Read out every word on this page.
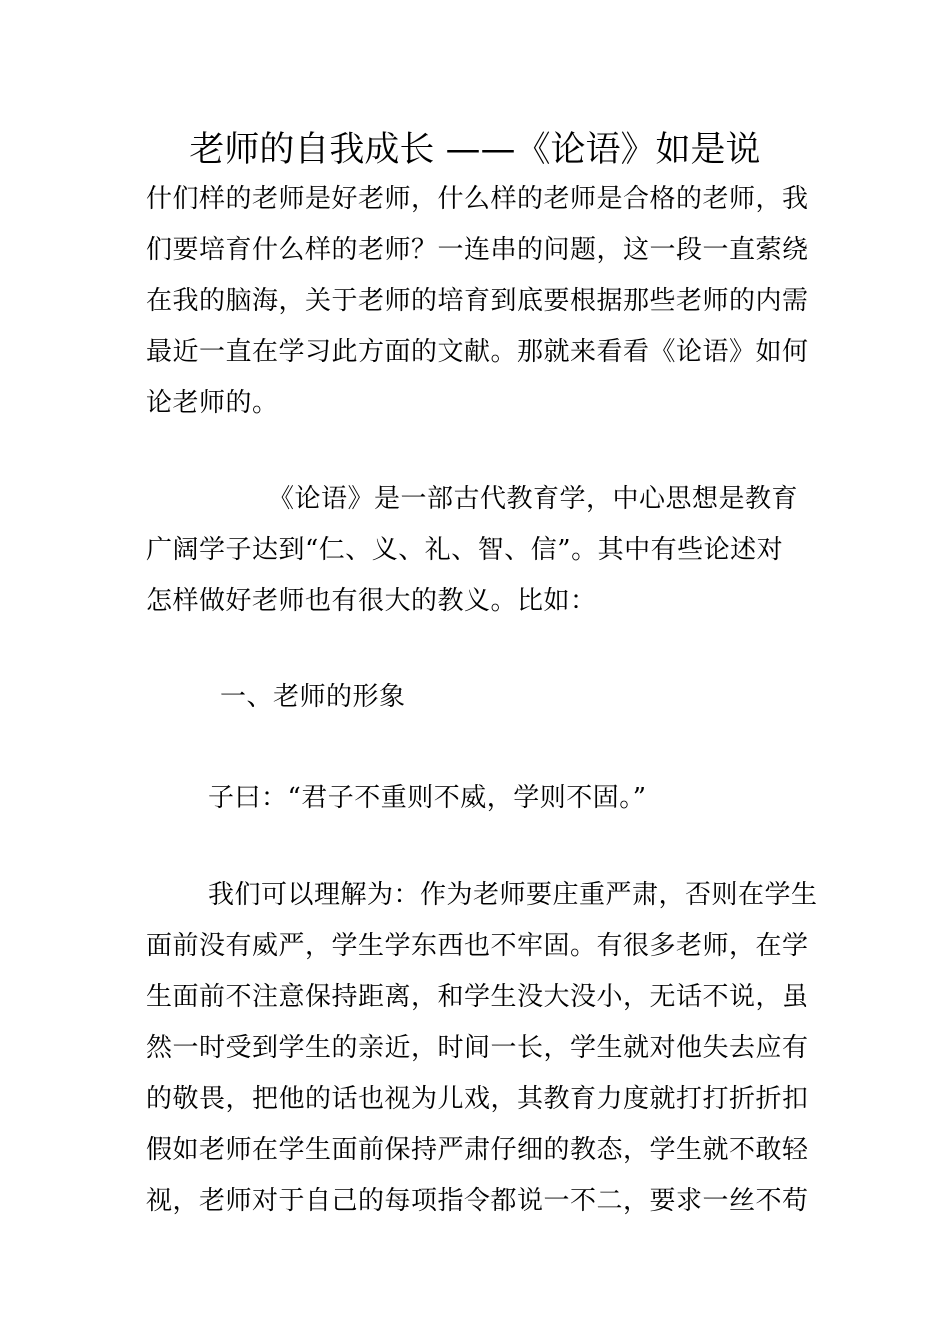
老师的自我成长 ——《论语》如是说
什们样的老师是好老师，什么样的老师是合格的老师，我
们要培育什么样的老师？一连串的问题，这一段一直萦绕
在我的脑海，关于老师的培育到底要根据那些老师的内需
最近一直在学习此方面的文献。那就来看看《论语》如何
论老师的。
《论语》是一部古代教育学，中心思想是教育
广阔学子达到“仁、义、礼、智、信”。其中有些论述对
怎样做好老师也有很大的教义。比如：
一、老师的形象
子曰：“君子不重则不威，学则不固。”
我们可以理解为：作为老师要庄重严肃，否则在学生
面前没有威严，学生学东西也不牢固。有很多老师，在学
生面前不注意保持距离，和学生没大没小，无话不说，虽
然一时受到学生的亲近，时间一长，学生就对他失去应有
的敬畏，把他的话也视为儿戏，其教育力度就打打折折扣
假如老师在学生面前保持严肃仔细的教态，学生就不敢轻
视，老师对于自己的每项指令都说一不二，要求一丝不苟
